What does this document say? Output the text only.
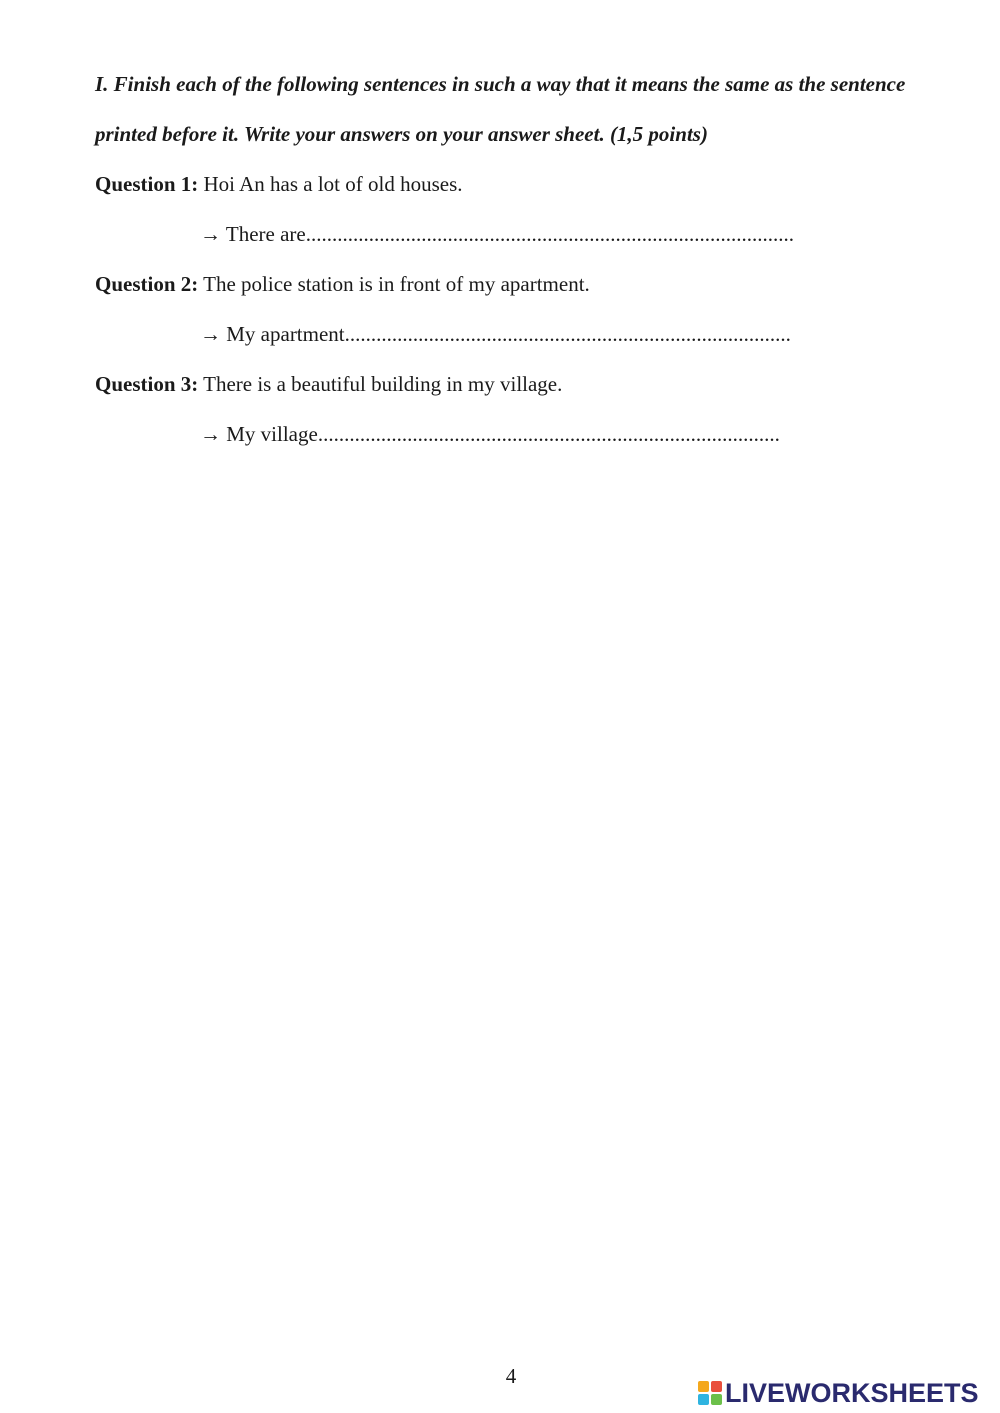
I. Finish each of the following sentences in such a way that it means the same as the sentence
printed before it. Write your answers on your answer sheet. (1,5 points)
Question 1: Hoi An has a lot of old houses.
→ There are.............................................................................................
Question 2: The police station is in front of my apartment.
→ My apartment.....................................................................................
Question 3: There is a beautiful building in my village.
→ My village........................................................................................
4
LIVEWORKSHEETS
